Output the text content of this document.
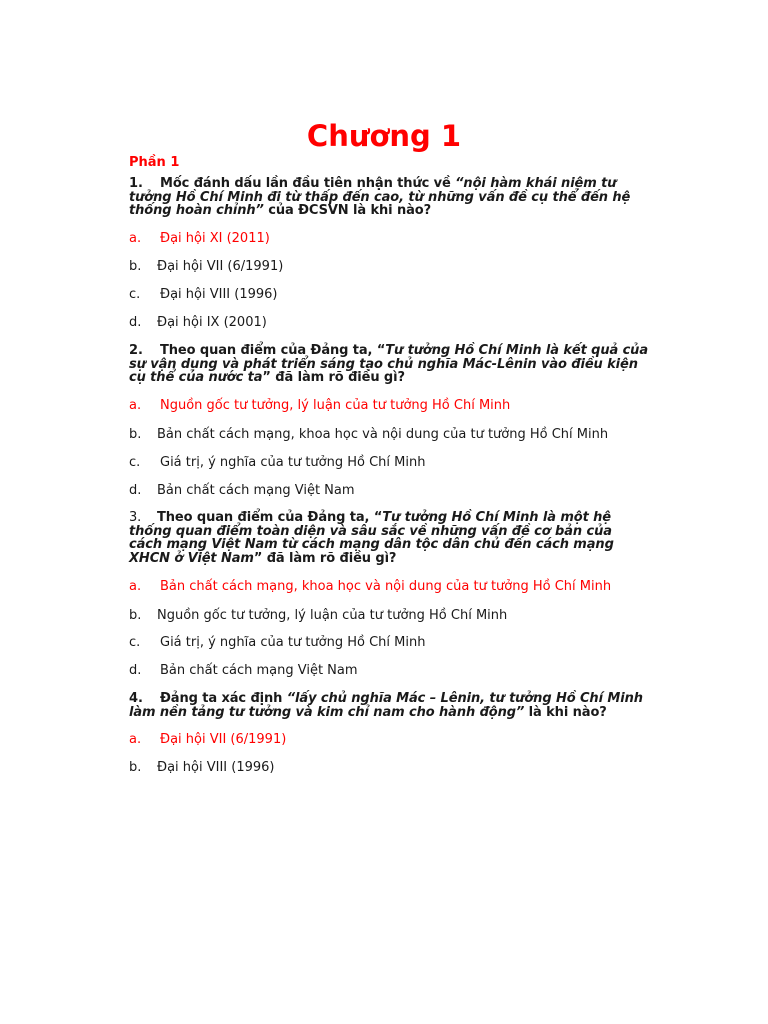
Chương 1
Phần 1
1. Mốc đánh dấu lần đầu tiên nhận thức về “nội hàm khái niệm tư tưởng Hồ Chí Minh đi từ thấp đến cao, từ những vấn đề cụ thể đến hệ thống hoàn chỉnh” của ĐCSVN là khi nào?
a. Đại hội XI (2011)
b. Đại hội VII (6/1991)
c. Đại hội VIII (1996)
d. Đại hội IX (2001)
2. Theo quan điểm của Đảng ta, “Tư tưởng Hồ Chí Minh là kết quả của sự vận dụng và phát triển sáng tạo chủ nghĩa Mác-Lênin vào điều kiện cụ thể của nước ta” đã làm rõ điều gì?
a. Nguồn gốc tư tưởng, lý luận của tư tưởng Hồ Chí Minh
b. Bản chất cách mạng, khoa học và nội dung của tư tưởng Hồ Chí Minh
c. Giá trị, ý nghĩa của tư tưởng Hồ Chí Minh
d. Bản chất cách mạng Việt Nam
3. Theo quan điểm của Đảng ta, “Tư tưởng Hồ Chí Minh là một hệ thống quan điểm toàn diện và sâu sắc về những vấn đề cơ bản của cách mạng Việt Nam từ cách mạng dân tộc dân chủ đến cách mạng XHCN ở Việt Nam” đã làm rõ điều gì?
a. Bản chất cách mạng, khoa học và nội dung của tư tưởng Hồ Chí Minh
b. Nguồn gốc tư tưởng, lý luận của tư tưởng Hồ Chí Minh
c. Giá trị, ý nghĩa của tư tưởng Hồ Chí Minh
d. Bản chất cách mạng Việt Nam
4. Đảng ta xác định “lấy chủ nghĩa Mác – Lênin, tư tưởng Hồ Chí Minh làm nền tảng tư tưởng và kim chỉ nam cho hành động” là khi nào?
a. Đại hội VII (6/1991)
b. Đại hội VIII (1996)
